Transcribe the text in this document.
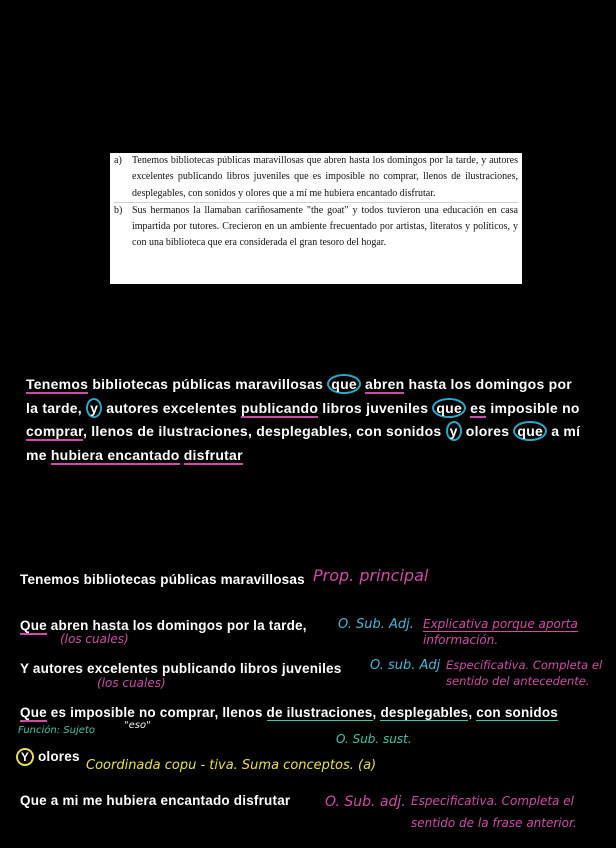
a)	Tenemos bibliotecas públicas maravillosas que abren hasta los domingos por la tarde, y autores excelentes publicando libros juveniles que es imposible no comprar, llenos de ilustraciones, desplegables, con sonidos y olores que a mí me hubiera encantado disfrutar.
b) Sus hermanos la llamaban cariñosamente "the goat" y todos tuvieron una educación en casa impartida por tutores. Crecieron en un ambiente frecuentado por artistas, literatos y políticos, y con una biblioteca que era considerada el gran tesoro del hogar.
Tenemos bibliotecas públicas maravillosas que abren hasta los domingos por la tarde, y autores excelentes publicando libros juveniles que es imposible no comprar, llenos de ilustraciones, desplegables, con sonidos y olores que a mí me hubiera encantado disfrutar
Tenemos bibliotecas públicas maravillosas Prop. principal
Que abren hasta los domingos por la tarde,
(los cuales)
O. Sub. Adj. Explicativa porque aporta
información.
Y autores excelentes publicando libros juveniles
(los cuales)
O. sub. Adj Especificativa. Completa el
sentido del antecedente.
Que es imposible no comprar, llenos de ilustraciones, desplegables, con sonidos
Función: Sujeto	"eso"
O. Sub. sust.
Y olores
Coordinada copu - tiva. Suma conceptos. (a)
Que a mi me hubiera encantado disfrutar O. Sub. adj. Especificativa. Completa el
sentido de la frase anterior.
